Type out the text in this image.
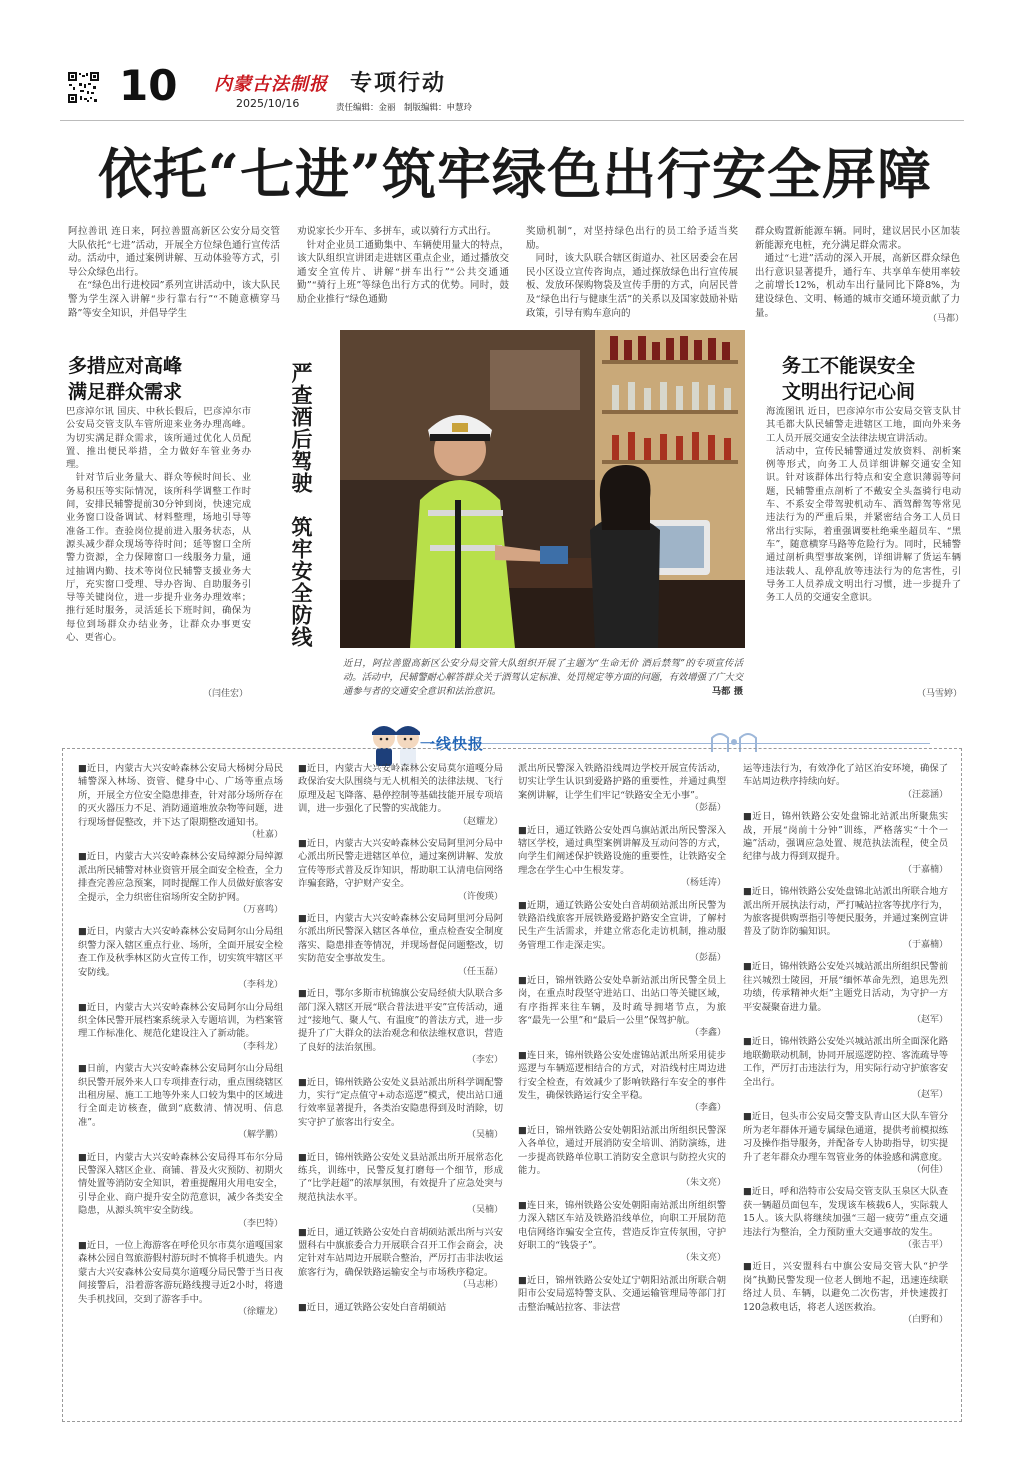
10 内蒙古法制报
2025/10/16
专项行动
责任编辑：金丽　制版编辑：申慧玲
依托“七进”筑牢绿色出行安全屏障
阿拉善讯 连日来，阿拉善盟高新区公安分局交管大队依托“七进”活动，开展全方位绿色通行宣传活动。活动中，通过案例讲解、互动体验等方式，引导公众绿色出行。
　在“绿色出行进校园”系列宣讲活动中，该大队民警为学生深入讲解“步行靠右行”“不随意横穿马路”等安全知识，并倡导学生
劝说家长少开车、多拼车，或以骑行方式出行。
　针对企业员工通勤集中、车辆使用量大的特点，该大队组织宣讲团走进辖区重点企业，通过播放交通安全宣传片、讲解“拼车出行”“公共交通通勤”“骑行上班”等绿色出行方式的优势。同时，鼓励企业推行“绿色通勤
奖励机制”，对坚持绿色出行的员工给予适当奖励。
　同时，该大队联合辖区街道办、社区居委会在居民小区设立宣传咨询点，通过探放绿色出行宣传展板、发放环保购物袋及宣传手册的方式，向居民普及“绿色出行与健康生活”的关系以及国家鼓励补贴政策，引导有购车意向的
群众购置新能源车辆。同时，建议居民小区加装新能源充电桩，充分满足群众需求。
　通过“七进”活动的深入开展，高新区群众绿色出行意识显著提升，通行车、共享单车使用率较之前增长12%，机动车出行量同比下降8%，为建设绿色、文明、畅通的城市交通环境贡献了力量。
（马都）
多措应对高峰
满足群众需求
巴彦淖尔讯 国庆、中秋长假后，巴彦淖尔市公安局交管支队车管所迎来业务办理高峰。为切实满足群众需求，该所通过优化人员配置、推出便民举措，全力做好车管业务办理。
　针对节后业务量大、群众等候时间长、业务易积压等实际情况，该所科学调整工作时间，安排民辅警提前30分钟到岗，快速完成业务窗口设备调试、材料整理，场地引导等准备工作。查验岗位提前进入服务状态，从源头减少群众现场等待时间；延等窗口全所警力资源，全力保障窗口一线服务力量，通过抽调内勤、技术等岗位民辅警支援业务大厅，充实窗口受理、导办咨询、自助服务引导等关键岗位，进一步提升业务办理效率；推行延时服务，灵活延长下班时间，确保为每位到场群众办结业务，让群众办事更安心、更省心。
（闫佳宏）
严查酒后驾驶　筑牢安全防线
近日，阿拉善盟高新区公安分局交管大队组织开展了主题为“生命无价 酒后禁驾”的专项宣传活动。活动中，民辅警耐心解答群众关于酒驾认定标准、处罚规定等方面的问题，有效增强了广大交通参与者的交通安全意识和法治意识。	马都 摄
务工不能误安全
文明出行记心间
海流图讯 近日，巴彦淖尔市公安局交管支队甘其毛都大队民辅警走进辖区工地，面向外来务工人员开展交通安全法律法规宣讲活动。
　活动中，宣传民辅警通过发放资料、剖析案例等形式，向务工人员详细讲解交通安全知识。针对该群体出行特点和安全意识薄弱等问题，民辅警重点剖析了不戴安全头盔骑行电动车、不系安全带驾驶机动车、酒驾醉驾等常见违法行为的严重后果，并紧密结合务工人员日常出行实际，着重强调要杜绝乘坐超员车、“黑车”，随意横穿马路等危险行为。同时，民辅警通过剖析典型事故案例，详细讲解了货运车辆违法载人、乱停乱放等违法行为的危害性，引导务工人员养成文明出行习惯，进一步提升了务工人员的交通安全意识。
（马雪婷）
一线快报

■近日，内蒙古大兴安岭森林公安局大杨树分局民辅警深入林场、资管、健身中心、广场等重点场所，开展全方位安全隐患排查，针对部分场所存在的灭火器压力不足、消防通道堆放杂物等问题，进行现场督促整改，并下达了限期整改通知书。
（杜嘉）

■近日，内蒙古大兴安岭森林公安局绰源分局绰源派出所民辅警对林业资管开展全面安全检查，全力排查完善应急预案，同时提醒工作人员做好旅客安全提示，全力织密住宿场所安全防护网。
（万喜鸣）

■近日，内蒙古大兴安岭森林公安局阿尔山分局组织警力深入辖区重点行业、场所，全面开展安全检查工作及秋季林区防火宣传工作，切实筑牢辖区平安防线。
（李科龙）

■近日，内蒙古大兴安岭森林公安局阿尔山分局组织全体民警开展档案系统录入专题培训，为档案管理工作标准化、规范化建设注入了新动能。
（李科龙）

■日前，内蒙古大兴安岭森林公安局阿尔山分局组织民警开展外来人口专项排查行动，重点围绕辖区出租房屋、施工工地等外来人口较为集中的区域进行全面走访核查，做到“底数清、情况明、信息准”。
（解学鹏）

■近日，内蒙古大兴安岭森林公安局得耳布尔分局民警深入辖区企业、商铺、普及火灾预防、初期火情处置等消防安全知识，着重提醒用火用电安全，引导企业、商户提升安全防范意识，减少各类安全隐患，从源头筑牢安全防线。
（李巴特）

■近日，一位上海游客在呼伦贝尔市莫尔道嘎国家森林公园自驾旅游假村游玩时不慎将手机遗失。内蒙古大兴安森林公安局莫尔道嘎分局民警于当日夜间接警后，沿着游客游玩路线搜寻近2小时，将遗失手机找回，交到了游客手中。
（徐耀龙）

■近日，内蒙古大兴安岭森林公安局莫尔道嘎分局政保治安大队围绕与无人机相关的法律法规、飞行原理及起飞降落、悬停控制等基础技能开展专项培训，进一步强化了民警的实战能力。
（赵耀龙）

■近日，内蒙古大兴安岭森林公安局阿里河分局中心派出所民警走进辖区单位，通过案例讲解、发放宣传等形式普及反诈知识，帮助职工认清电信网络诈骗套路，守护财产安全。
（许俊瑛）

■近日，内蒙古大兴安岭森林公安局阿里河分局阿尔派出所民警深入辖区各单位，重点检查安全制度落实、隐患排查等情况，并现场督促问题整改，切实防范安全事故发生。
（任玉磊）

■近日，鄂尔多斯市杭锦旗公安局经侦大队联合多部门深入辖区开展“联合普法进平安”宣传活动，通过“接地气、聚人气、有温度”的普法方式，进一步提升了广大群众的法治观念和依法维权意识，营造了良好的法治氛围。
（李宏）

■近日，锦州铁路公安处义县站派出所科学调配警力，实行“定点值守+动态巡逻”模式，使出站口通行效率显著提升，各类治安隐患得到及时消除，切实守护了旅客出行安全。
（吴楠）

■近日，锦州铁路公安处义县站派出所开展常态化练兵，训练中，民警反复打磨每一个细节，形成了“比学赶超”的浓厚氛围，有效提升了应急处突与规范执法水平。
（吴楠）

■近日，通辽铁路公安处白音胡硕站派出所与兴安盟科右中旗旅委合力开展联合召开工作会商会，决定针对车站周边开展联合整治，严厉打击非法收运旅客行为，确保铁路运输安全与市场秩序稳定。
（马志彬）

■近日，通辽铁路公安处白音胡硕站

派出所民警深入铁路沿线周边学校开展宣传活动，切实让学生认识到爱路护路的重要性，并通过典型案例讲解，让学生们牢记“铁路安全无小事”。
（彭磊）

■近日，通辽铁路公安处西乌旗站派出所民警深入辖区学校，通过典型案例讲解及互动问答的方式，向学生们阐述保护铁路设施的重要性，让铁路安全理念在学生心中生根发芽。
（杨廷涛）

■近期，通辽铁路公安处白音胡硕站派出所民警为铁路沿线旅客开展铁路爱路护路安全宣讲，了解村民生产生活需求，并建立常态化走访机制，推动服务管理工作走深走实。
（彭磊）

■近日，锦州铁路公安处阜新站派出所民警全员上岗，在重点时段坚守进站口、出站口等关键区域，有序指挥来往车辆，及时疏导拥堵节点，为旅客“最先一公里”和“最后一公里”保驾护航。
（李鑫）

■连日来，锦州铁路公安处虚锦站派出所采用徒步巡逻与车辆巡逻相结合的方式，对沿线村庄周边进行安全检查，有效减少了影响铁路行车安全的事件发生，确保铁路运行安全平稳。
（李鑫）

■近日，锦州铁路公安处朝阳站派出所组织民警深入各单位，通过开展消防安全培训、消防演练，进一步提高铁路单位职工消防安全意识与防控火灾的能力。
（朱文亮）

■连日来，锦州铁路公安处朝阳南站派出所组织警力深入辖区车站及铁路沿线单位，向职工开展防范电信网络诈骗安全宣传，营造反诈宣传氛围，守护好职工的“钱袋子”。
（朱文亮）

■近日，锦州铁路公安处辽宁朝阳站派出所联合朝阳市公安局巡特警支队、交通运输管理局等部门打击整治喊站拉客、非法营

运等违法行为，有效净化了站区治安环境，确保了车站周边秩序持续向好。
（汪蕊涵）

■近日，锦州铁路公安处盘锦北站派出所聚焦实战，开展“岗前十分钟”训练，严格落实“十个一遍”活动，强调应急处置、规范执法流程，使全员纪律与战力得到双提升。
（于嘉楠）

■近日，锦州铁路公安处盘锦北站派出所联合地方派出所开展执法行动，严打喊站拉客等扰序行为，为旅客提供购票指引等便民服务，并通过案例宣讲普及了防诈防骗知识。
（于嘉楠）

■近日，锦州铁路公安处兴城站派出所组织民警前往兴城烈士陵园，开展“缅怀革命先烈，追思先烈功绩，传承精神火炬”主题党日活动，为守护一方平安凝聚奋进力量。
（赵军）

■近日，锦州铁路公安处兴城站派出所全面深化路地联勤联动机制，协同开展巡逻防控、客流疏导等工作，严厉打击违法行为，用实际行动守护旅客安全出行。
（赵军）

■近日，包头市公安局交警支队青山区大队车管分所为老年群体开通专属绿色通道，提供考前模拟练习及操作指导服务，并配备专人协助指导，切实提升了老年群众办理车驾管业务的体验感和满意度。
（何佳）

■近日，呼和浩特市公安局交管支队玉泉区大队查获一辆超员面包车，发现该车核载6人，实际载人15人。该大队将继续加强“三超一疲劳”重点交通违法行为整治，全力预防重大交通事故的发生。
（张吉平）

■近日，兴安盟科右中旗公安局交管大队“护学岗”执勤民警发现一位老人倒地不起，迅速连续联络过人员、车辆，以避免二次伤害，并快速拨打120急救电话，将老人送医救治。
（白野和）
